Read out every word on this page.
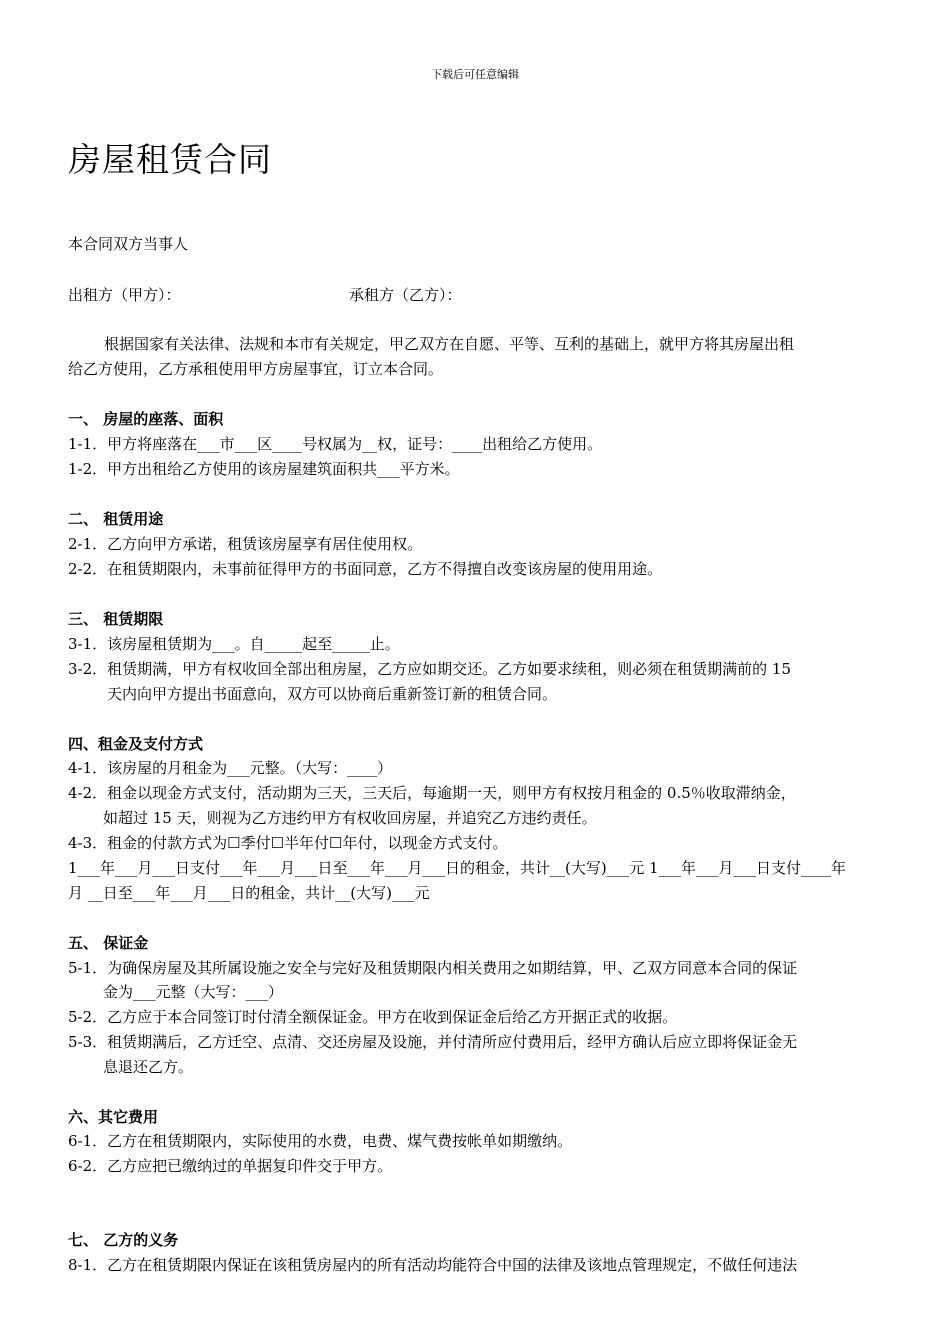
下载后可任意编辑
房屋租赁合同
本合同双方当事人
出租方（甲方）：	承租方（乙方）：
根据国家有关法律、法规和本市有关规定，甲乙双方在自愿、平等、互利的基础上，就甲方将其房屋出租
给乙方使用，乙方承租使用甲方房屋事宜，订立本合同。
一、 房屋的座落、面积
1-1．甲方将座落在___市___区____号权属为__权，证号：____出租给乙方使用。
1-2．甲方出租给乙方使用的该房屋建筑面积共___平方米。
二、 租赁用途
2-1．乙方向甲方承诺，租赁该房屋享有居住使用权。
2-2．在租赁期限内，未事前征得甲方的书面同意，乙方不得擅自改变该房屋的使用用途。
三、 租赁期限
3-1．该房屋租赁期为___。自_____起至_____止。
3-2．租赁期满，甲方有权收回全部出租房屋，乙方应如期交还。乙方如要求续租，则必须在租赁期满前的 15
天内向甲方提出书面意向，双方可以协商后重新签订新的租赁合同。
四、租金及支付方式
4-1．该房屋的月租金为___元整。（大写：____）
4-2．租金以现金方式支付，活动期为三天，三天后，每逾期一天，则甲方有权按月租金的 0.5％收取滞纳金，
如超过 15 天，则视为乙方违约甲方有权收回房屋，并追究乙方违约责任。
4-3．租金的付款方式为☐季付☐半年付☐年付，以现金方式支付。
1___年___月___日支付___年___月___日至___年___月___日的租金，共计__(大写)___元 1___年___月___日支付____年
月 __日至___年___月___日的租金，共计__(大写)___元
五、 保证金
5-1．为确保房屋及其所属设施之安全与完好及租赁期限内相关费用之如期结算，甲、乙双方同意本合同的保证
金为___元整（大写：___）
5-2．乙方应于本合同签订时付清全额保证金。甲方在收到保证金后给乙方开据正式的收据。
5-3．租赁期满后，乙方迁空、点清、交还房屋及设施，并付清所应付费用后，经甲方确认后应立即将保证金无
息退还乙方。
六、其它费用
6-1．乙方在租赁期限内，实际使用的水费，电费、煤气费按帐单如期缴纳。
6-2．乙方应把已缴纳过的单据复印件交于甲方。
七、 乙方的义务
8-1．乙方在租赁期限内保证在该租赁房屋内的所有活动均能符合中国的法律及该地点管理规定，不做任何违法
